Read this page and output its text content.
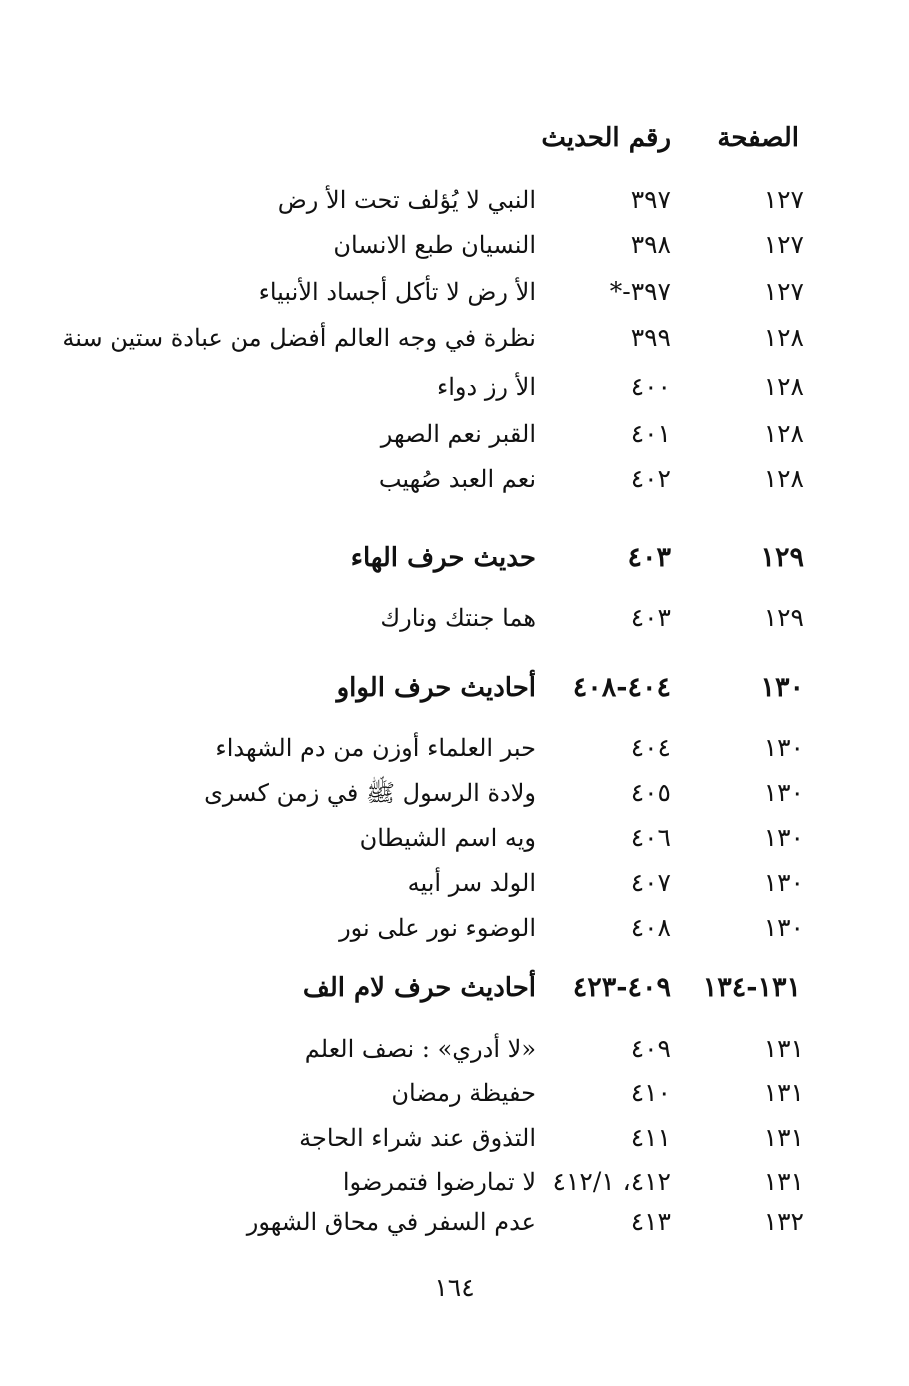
الصفحة
رقم الحديث
١٢٧
٣٩٧
النبي لا يُؤلف تحت الأ رض
١٢٧
٣٩٨
النسيان طبع الانسان
١٢٧
٣٩٧-*
الأ رض لا تأكل أجساد الأنبياء
١٢٨
٣٩٩
نظرة في وجه العالم أفضل من عبادة ستين سنة
١٢٨
٤٠٠
الأ رز دواء
١٢٨
٤٠١
القبر نعم الصهر
١٢٨
٤٠٢
نعم العبد صُهيب
١٢٩
٤٠٣
حديث حرف الهاء
١٢٩
٤٠٣
هما جنتك ونارك
١٣٠
٤٠٤-٤٠٨
أحاديث حرف الواو
١٣٠
٤٠٤
حبر العلماء أوزن من دم الشهداء
١٣٠
٤٠٥
ولادة الرسول ﷺ في زمن كسرى
١٣٠
٤٠٦
ويه اسم الشيطان
١٣٠
٤٠٧
الولد سر أبيه
١٣٠
٤٠٨
الوضوء نور على نور
١٣١-١٣٤
٤٠٩-٤٢٣
أحاديث حرف لام الف
١٣١
٤٠٩
«لا أدري» : نصف العلم
١٣١
٤١٠
حفيظة رمضان
١٣١
٤١١
التذوق عند شراء الحاجة
١٣١
٤١٢، ٤١٢/١
لا تمارضوا فتمرضوا
١٣٢
٤١٣
عدم السفر في محاق الشهور
١٦٤
